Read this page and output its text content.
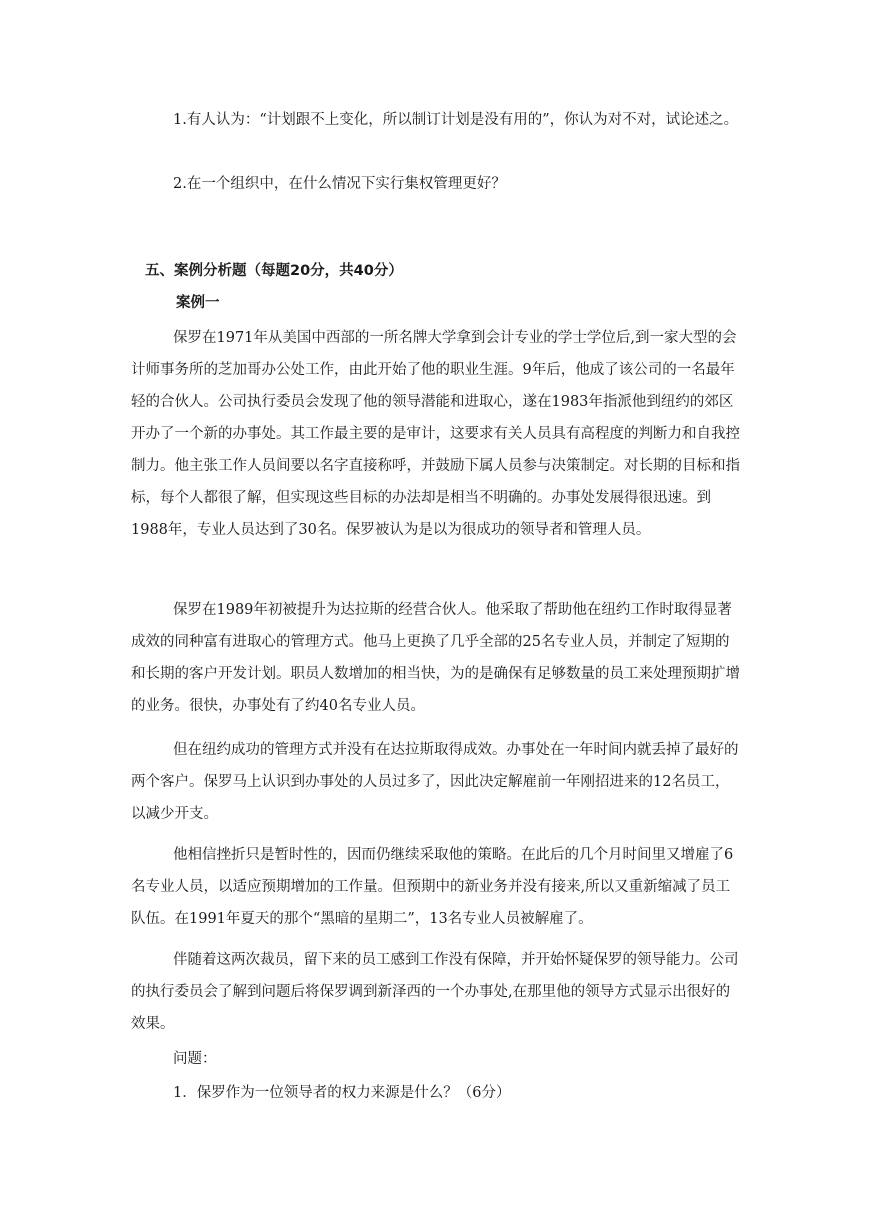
1.有人认为：“计划跟不上变化，所以制订计划是没有用的”，你认为对不对，试论述之。

2.在一个组织中，在什么情况下实行集权管理更好？

五、案例分析题（每题20分，共40分）
案例一

保罗在1971年从美国中西部的一所名牌大学拿到会计专业的学士学位后,到一家大型的会计师事务所的芝加哥办公处工作，由此开始了他的职业生涯。9年后，他成了该公司的一名最年轻的合伙人。公司执行委员会发现了他的领导潜能和进取心，遂在1983年指派他到纽约的郊区开办了一个新的办事处。其工作最主要的是审计，这要求有关人员具有高程度的判断力和自我控制力。他主张工作人员间要以名字直接称呼，并鼓励下属人员参与决策制定。对长期的目标和指标，每个人都很了解，但实现这些目标的办法却是相当不明确的。办事处发展得很迅速。到1988年，专业人员达到了30名。保罗被认为是以为很成功的领导者和管理人员。

保罗在1989年初被提升为达拉斯的经营合伙人。他采取了帮助他在纽约工作时取得显著成效的同种富有进取心的管理方式。他马上更换了几乎全部的25名专业人员，并制定了短期的和长期的客户开发计划。职员人数增加的相当快，为的是确保有足够数量的员工来处理预期扩增的业务。很快，办事处有了约40名专业人员。

但在纽约成功的管理方式并没有在达拉斯取得成效。办事处在一年时间内就丢掉了最好的两个客户。保罗马上认识到办事处的人员过多了，因此决定解雇前一年刚招进来的12名员工，以减少开支。

他相信挫折只是暂时性的，因而仍继续采取他的策略。在此后的几个月时间里又增雇了6名专业人员，以适应预期增加的工作量。但预期中的新业务并没有接来,所以又重新缩减了员工队伍。在1991年夏天的那个“黑暗的星期二”，13名专业人员被解雇了。

伴随着这两次裁员，留下来的员工感到工作没有保障，并开始怀疑保罗的领导能力。公司的执行委员会了解到问题后将保罗调到新泽西的一个办事处,在那里他的领导方式显示出很好的效果。

问题：
1．保罗作为一位领导者的权力来源是什么？（6分）
